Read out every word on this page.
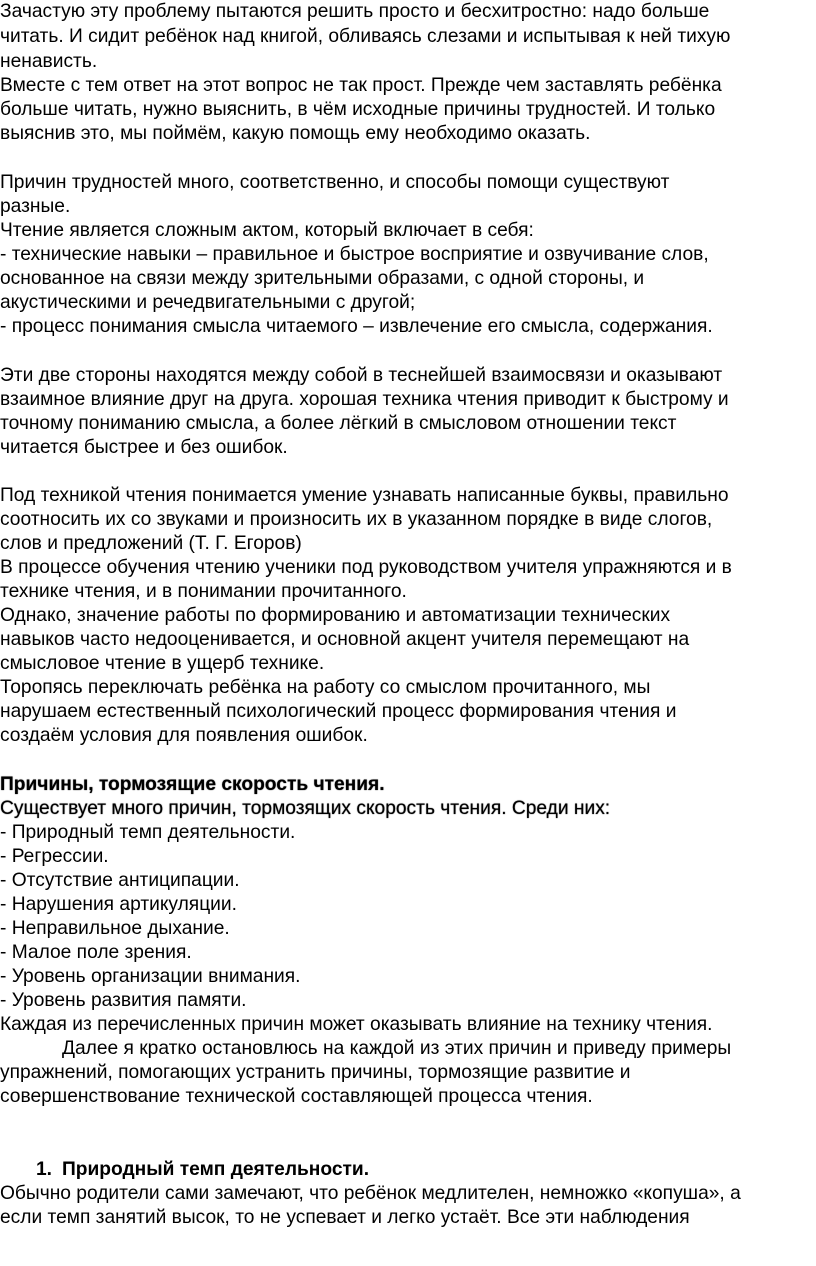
Зачастую эту проблему пытаются решить просто и бесхитростно: надо больше
читать. И сидит ребёнок над книгой, обливаясь слезами и испытывая к ней тихую
ненависть.
Вместе с тем ответ на этот вопрос не так прост. Прежде чем заставлять ребёнка
больше читать, нужно выяснить, в чём исходные причины трудностей. И только
выяснив это, мы поймём, какую помощь ему необходимо оказать.
Причин трудностей много, соответственно, и способы помощи существуют
разные.
Чтение является сложным актом, который включает в себя:
- технические навыки – правильное и быстрое восприятие и озвучивание слов,
основанное на связи между зрительными образами, с одной стороны, и
акустическими и речедвигательными с другой;
- процесс понимания смысла читаемого – извлечение его смысла, содержания.
Эти две стороны находятся между собой в теснейшей взаимосвязи и оказывают
взаимное влияние друг на друга. хорошая техника чтения приводит к быстрому и
точному пониманию смысла, а более лёгкий в смысловом отношении текст
читается быстрее и без ошибок.
Под техникой чтения понимается умение узнавать написанные буквы, правильно
соотносить их со звуками и произносить их в указанном порядке в виде слогов,
слов и предложений (Т. Г. Егоров)
В процессе обучения чтению ученики под руководством учителя упражняются и в
технике чтения, и в понимании прочитанного.
Однако, значение работы по формированию и автоматизации технических
навыков часто недооценивается, и основной акцент учителя перемещают на
смысловое чтение в ущерб технике.
Торопясь переключать ребёнка на работу со смыслом прочитанного, мы
нарушаем естественный психологический процесс формирования чтения и
создаём условия для появления ошибок.
Причины, тормозящие скорость чтения.
Существует много причин, тормозящих скорость чтения. Среди них:
- Природный темп деятельности.
- Регрессии.
- Отсутствие антиципации.
- Нарушения артикуляции.
- Неправильное дыхание.
- Малое поле зрения.
- Уровень организации внимания.
- Уровень развития памяти.
Каждая из перечисленных причин может оказывать влияние на технику чтения.
Далее я кратко остановлюсь на каждой из этих причин и приведу примеры
упражнений, помогающих устранить причины, тормозящие развитие и
совершенствование технической составляющей процесса чтения.
1. Природный темп деятельности.
Обычно родители сами замечают, что ребёнок медлителен, немножко «копуша», а
если темп занятий высок, то не успевает и легко устаёт. Все эти наблюдения
